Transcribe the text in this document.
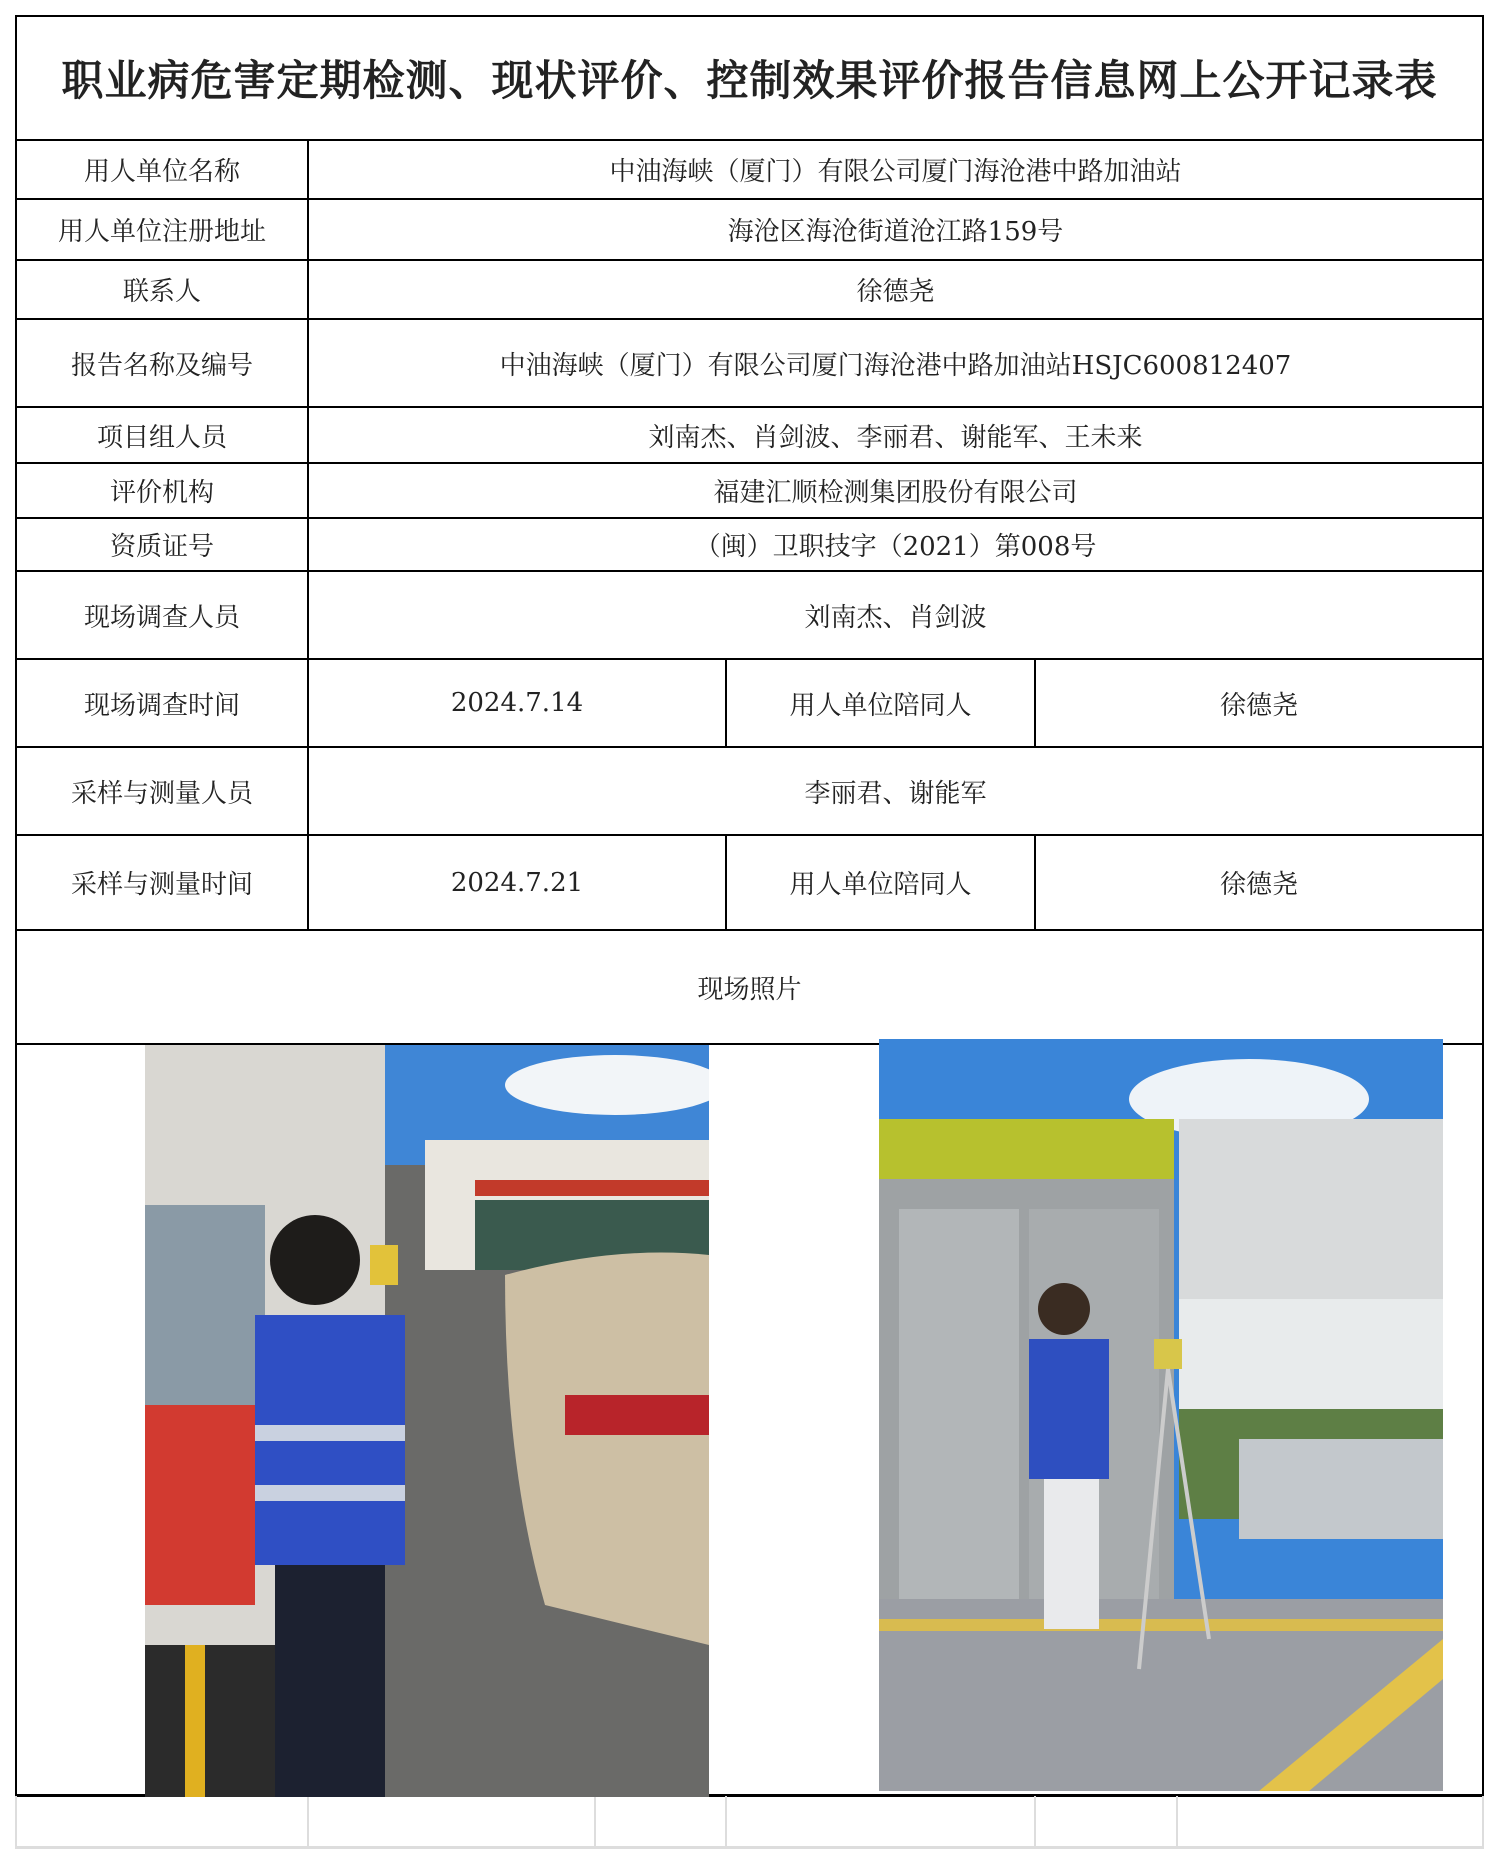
职业病危害定期检测、现状评价、控制效果评价报告信息网上公开记录表
用人单位名称	中油海峡（厦门）有限公司厦门海沧港中路加油站
用人单位注册地址	海沧区海沧街道沧江路159号
联系人	徐德尧
报告名称及编号	中油海峡（厦门）有限公司厦门海沧港中路加油站HSJC600812407
项目组人员	刘南杰、肖剑波、李丽君、谢能军、王未来
评价机构	福建汇顺检测集团股份有限公司
资质证号	（闽）卫职技字（2021）第008号
现场调查人员	刘南杰、肖剑波
现场调查时间	2024.7.14	用人单位陪同人	徐德尧
采样与测量人员	李丽君、谢能军
采样与测量时间	2024.7.21	用人单位陪同人	徐德尧
现场照片
